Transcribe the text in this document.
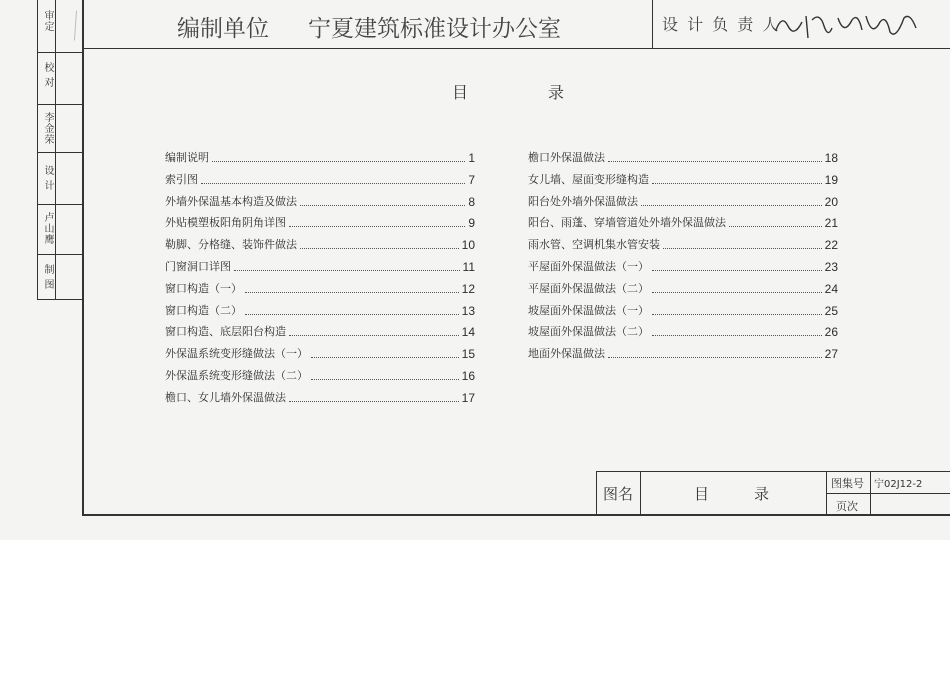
审定
校 对
李金荣
设 计
卢山鹰
制 图
编制单位 宁夏建筑标准设计办公室	设 计 负 责 人
目　　　　　录
编制说明	1
索引图	7
外墙外保温基本构造及做法	8
外贴模塑板阳角阴角详图	9
勒脚、分格缝、装饰件做法	10
门窗洞口详图	11
窗口构造（一）	12
窗口构造（二）	13
窗口构造、底层阳台构造	14
外保温系统变形缝做法（一）	15
外保温系统变形缝做法（二）	16
檐口、女儿墙外保温做法	17
檐口外保温做法	18
女儿墙、屋面变形缝构造	19
阳台处外墙外保温做法	20
阳台、雨蓬、穿墙管道处外墙外保温做法	21
雨水管、空调机集水管安装	22
平屋面外保温做法（一）	23
平屋面外保温做法（二）	24
坡屋面外保温做法（一）	25
坡屋面外保温做法（二）	26
地面外保温做法	27
图名	目　　　录
图集号 宁02J12-2
页次
